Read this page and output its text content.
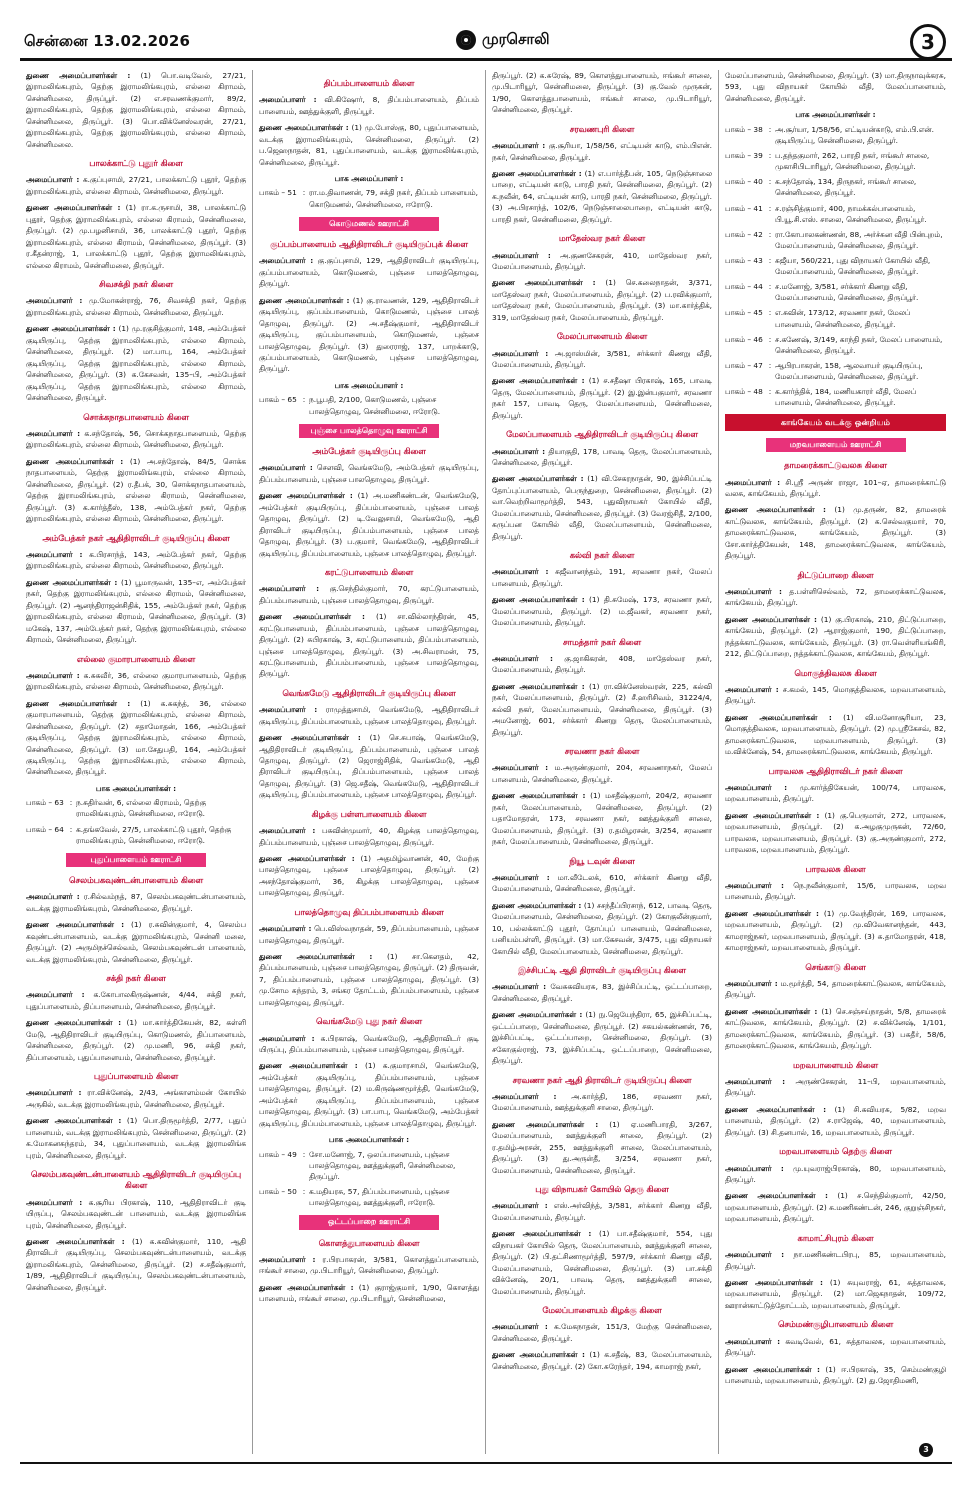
சென்னை 13.02.2026	முரசொலி	3
துணை அமைப்பாளர்கள் : (1) பொ.வடிவேல், 27/21, இராமலிங்கபுரம், தெற்கு இராமலிங்கபுரம், எல்லை கிராமம், சென்னிமலை, திருப்பூர். (2) எ.சரவணக்குமார், 89/2, இராமலிங்கபுரம், தெற்கு இராமலிங்கபுரம், எல்லை கிராமம், சென்னிமலை, திருப்பூர். (3) பொ.விக்னேஸ்வரன், 27/21, இராமலிங்கபுரம், தெற்கு இராமலிங்கபுரம், எல்லை கிராமம், சென்னிமலை.
பாலக்காட்டு புதூர் கிளை
அமைப்பாளர் : க.குப்புசாமி, 27/21, பாலக்காட்டு புதூர், தெற்கு இராமலிங்கபுரம், எல்லை கிராமம், சென்னிமலை, திருப்பூர்.
துணை அமைப்பாளர்கள் : (1) ரா.க.ருசாமி, 38, பாலக்காட்டு புதூர், தெற்கு இராமலிங்கபுரம், எல்லை கிராமம், சென்னிமலை, திருப்பூர். (2) மு.பழனிசாமி, 36, பாலக்காட்டு புதூர், தெற்கு இராமலிங்கபுரம், எல்லை கிராமம், சென்னிமலை, திருப்பூர். (3) ர.கீதன்ராஜ், 1, பாலக்காட்டு புதூர், தெற்கு இராமலிங்கபுரம், எல்லை கிராமம், சென்னிமலை, திருப்பூர்.
சிவசக்தி நகர் கிளை
அமைப்பாளர் : மு.மோகன்ராஜ், 76, சிவசக்தி நகர், தெற்கு இராமலிங்கபுரம், எல்லை கிராமம், சென்னிமலை, திருப்பூர்.
துணை அமைப்பாளர்கள் : (1) மு.ரகுசித்குமார், 148, அம்பேத்கர் குடியிருப்பு, தெற்கு இராமலிங்கபுரம், எல்லை கிராமம், சென்னிமலை, திருப்பூர். (2) மா.பாபு, 164, அம்பேத்கர் குடியிருப்பு, தெற்கு இராமலிங்கபுரம், எல்லை கிராமம், சென்னிமலை, திருப்பூர். (3) க.கேசவன், 135–பி, அம்பேத்கர் குடியிருப்பு, தெற்கு இராமலிங்கபுரம், எல்லை கிராமம், சென்னிமலை, திருப்பூர்.
சொக்கநாதபாளையம் கிளை
அமைப்பாளர் : க.சந்தோஷ், 56, சொக்கநாதபாளையம், தெற்கு இராமலிங்கபுரம், எல்லை கிராமம், சென்னிமலை, திருப்பூர்.
துணை அமைப்பாளர்கள் : (1) அ.சந்தோஷ், 84/5, சொக்க நாதபாளையம், தெற்கு இராமலிங்கபுரம், எல்லை கிராமம், சென்னிமலை, திருப்பூர். (2) ர.தீபக், 30, சொக்கநாதபாளையம், தெற்கு இராமலிங்கபுரம், எல்லை கிராமம், சென்னிமலை, திருப்பூர். (3) க.கார்த்தீஸ், 138, அம்பேத்கர் நகர், தெற்கு இராமலிங்கபுரம், எல்லை கிராமம், சென்னிமலை, திருப்பூர்.
அம்பேத்கர் நகர் ஆதிதிராவிடர் குடியிருப்பு கிளை
அமைப்பாளர் : க.பிரசாந்த், 143, அம்பேத்கர் நகர், தெற்கு இராமலிங்கபுரம், எல்லை கிராமம், சென்னிமலை, திருப்பூர்.
துணை அமைப்பாளர்கள் : (1) பூமாருவன், 135–எ, அம்பேத்கர் நகர், தெற்கு இராமலிங்கபுரம், எல்லை கிராமம், சென்னிமலை, திருப்பூர். (2) ஆனந்திராஜன்சிதிக், 155, அம்பேத்கர் நகர், தெற்கு இராமலிங்கபுரம், எல்லை கிராமம், சென்னிமலை, திருப்பூர். (3) மகேஷ், 137, அம்பேத்கர் நகர், தெற்கு இராமலிங்கபுரம், எல்லை கிராமம், சென்னிமலை, திருப்பூர்.
எல்லை குமாரபாளையம் கிளை
அமைப்பாளர் : க.சுகவீர், 36, எல்லை குமாரபாளையம், தெற்கு இராமலிங்கபுரம், எல்லை கிராமம், சென்னிமலை, திருப்பூர்.
துணை அமைப்பாளர்கள் : (1) க.சுகந்த், 36, எல்லை குமாரபாளையம், தெற்கு இராமலிங்கபுரம், எல்லை கிராமம், சென்னிமலை, திருப்பூர். (2) சதாமோதன், 166, அம்பேத்கர் குடியிருப்பு, தெற்கு இராமலிங்கபுரம், எல்லை கிராமம், சென்னிமலை, திருப்பூர். (3) மா.சேதுபதி, 164, அம்பேத்கர் குடியிருப்பு, தெற்கு இராமலிங்கபுரம், எல்லை கிராமம், சென்னிமலை, திருப்பூர்.
பாக அமைப்பாளர்கள் :
பாகம் – 63 : ந.சுதிர்வன், 6, எல்லை கிராமம், தெற்கு ராமலிங்கபுரம், சென்னிமலை, ஈரோடு.
பாகம் – 64 : க.தங்கவேல், 27/5, பாலக்காட்டு புதூர், தெற்கு ராமலிங்கபுரம், சென்னிமலை, ஈரோடு.
புதுப்பாளையம் ஊராட்சி
செலம்பகவுண்டன்பாளையம் கிளை
அமைப்பாளர் : ர.சில்வம்நத், 87, செலம்பகவுண்டன்பாளையம், வடக்கு இராமலிங்கபுரம், சென்னிமலை, திருப்பூர்.
துணை அமைப்பாளர்கள் : (1) ர.சுவின்குமார், 4, செலம்ப கவுண்டன்பாளையம், வடக்கு இராமலிங்கபுரம், சென்னி மலை, திருப்பூர். (2) அருமிநச்செல்வம், செலம்பகவுண்டன் பாளையம், வடக்கு இராமலிங்கபுரம், சென்னிமலை, திருப்பூர்.
சக்தி நகர் கிளை
அமைப்பாளர் : க.கோபாலகிருஷ்ணன், 4/44, சக்தி நகர், புதுப்பாளையம், திப்பாளையம், சென்னிமலை, திருப்பூர்.
துணை அமைப்பாளர்கள் : (1) மா.கார்த்திகேயன், 82, கள்ளி மேடு, ஆதிதிராவிடர் குடியிருப்பு, கொடுமணல், திப்பாளையம், சென்னிமலை, திருப்பூர். (2) மு.மணி, 96, சக்தி நகர், திப்பாளையம், புதுப்பாளையம், சென்னிமலை, திருப்பூர்.
புதுப்பாளையம் கிளை
அமைப்பாளர் : ரா.விக்னேஷ், 2/43, அங்காளம்மன் கோயில் அருகில், வடக்கு இராமலிங்கபுரம், சென்னிமலை, திருப்பூர்.
துணை அமைப்பாளர்கள் : (1) பொ.திருமூர்த்தி, 2/77, புதுப் பாளையம், வடக்கு இராமலிங்கபுரம், சென்னிமலை, திருப்பூர். (2) க.மோகனசுந்தரம், 34, புதுப்பாளையம், வடக்கு இராமலிங்க புரம், சென்னிமலை, திருப்பூர்.
செலம்பகவுண்டன்பாளையம் ஆதிதிராவிடர் குடியிருப்பு கிளை
அமைப்பாளர் : க.சூரிய பிரகாஷ், 110, ஆதிதிராவிடர் குடி யிருப்பு, செலம்பகவுண்டன் பாளையம், வடக்கு இராமலிங்க புரம், சென்னிமலை, திருப்பூர்.
துணை அமைப்பாளர்கள் : (1) க.கவின்குமார், 110, ஆதி திராவிடர் குடியிருப்பு, செலம்பகவுண்டன்பாளையம், வடக்கு இராமலிங்கபுரம், சென்னிமலை, திருப்பூர். (2) ச.சதீஷ்குமார், 1/89, ஆதிதிராவிடர் குடியிருப்பு, செலம்பகவுண்டன்பாளையம், சென்னிமலை, திருப்பூர்.
திப்பம்பாளையம் கிளை
அமைப்பாளர் : வி.கிஷோர், 8, திப்பம்பாளையம், திப்பம் பாளையம், ஊத்துக்குளி, திருப்பூர்.
துணை அமைப்பாளர்கள் : (1) மு.போஸ்கு, 80, புதுப்பாளையம், வடக்கு இராமலிங்கபுரம், சென்னிமலை, திருப்பூர். (2) ப.ஜெஹநாதன், 81, புதுப்பாளையம், வடக்கு இராமலிங்கபுரம், சென்னிமலை, திருப்பூர்.
பாக அமைப்பாளர் :
பாகம் – 51 : ரா.ம.திவாணன், 79, சக்தி நகர், திப்பம் பாளையம், கொடுமணல், சென்னிமலை, ஈரோடு.
கொடுமணல் ஊராட்சி
குப்பம்பாளையம் ஆதிதிராவிடர் குடியிருப்புக் கிளை
அமைப்பாளர் : கு.குப்புசாமி, 129, ஆதிதிராவிடர் குடியிருப்பு, குப்பம்பாளையம், கொடுமணல், புஞ்சை பாலத்தொழுவு, திருப்பூர்.
துணை அமைப்பாளர்கள் : (1) கு.ராவணன், 129, ஆதிதிராவிடர் குடியிருப்பு, குப்பம்பாளையம், கொடுமணல், புஞ்சை பாலத் தொழுவு, திருப்பூர். (2) அ.சதீஷ்குமார், ஆதிதிராவிடர் குடியிருப்பு, குப்பம்பாளையம், கொடுமணல், புஞ்சை பாலத்தொழுவு, திருப்பூர். (3) துரைராஜ், 137, பாறக்காடு, குப்பம்பாளையம், கொடுமணல், புஞ்சை பாலத்தொழுவு, திருப்பூர்.
பாக அமைப்பாளர் :
பாகம் – 65 : ந.பூபதி, 2/100, கொடுமணல், புஞ்சை பாலத்தொழுவு, சென்னிமலை, ஈரோடு.
புஞ்சை பாலத்தொழுவு ஊராட்சி
அம்பேத்கர் குடியிருப்பு கிளை
அமைப்பாளர் : சௌவி, வெங்கமேடு, அம்பேத்கர் குடியிருப்பு, திப்பம்பாளையம், புஞ்சை பாலதொழுவு, திருப்பூர்.
துணை அமைப்பாளர்கள் : (1) அ.மணிகண்டன், வெங்கமேடு, அம்பேத்கர் குடியிருப்பு, திப்பம்பாளையம், புஞ்சை பாலத் தொழுவு, திருப்பூர். (2) டி.வேலுசாமி, வெங்கமேடு, ஆதி திராவிடர் குடியிருப்பு, திப்பம்பாளையம், புஞ்சை பாலத் தொழுவு, திருப்பூர். (3) ப.குமார், வெங்கமேடு, ஆதிதிராவிடர் குடியிருப்பு, திப்பம்பாளையம், புஞ்சை பாலத்தொழுவு, திருப்பூர்.
கரட்டுபாளையம் கிளை
அமைப்பாளர் : கு.செந்தில்குமார், 70, கரட்டுபாளையம், திப்பம்பாளையம், புஞ்சை பாலத்தொழுவு, திருப்பூர்.
துணை அமைப்பாளர்கள் : (1) சா.வில்லாந்திரன், 45, கரட்டுபாளையம், திப்பம்பாளையம், புஞ்சை பாலத்தொழுவு, திருப்பூர். (2) சுபிரகாஷ், 3, கரட்டுபாளையம், திப்பம்பாளையம், புஞ்சை பாலத்தொழுவு, திருப்பூர். (3) அ.சிவராமன், 75, கரட்டுபாளையம், திப்பம்பாளையம், புஞ்சை பாலத்தொழுவு, திருப்பூர்.
வெங்கமேடு ஆதிதிராவிடர் குடியிருப்பு கிளை
அமைப்பாளர் : ராமுத்துசாமி, வெங்கமேடு, ஆதிதிராவிடர் குடியிருப்பு, திப்பம்பாளையம், புஞ்சை பாலத்தொழுவு, திருப்பூர்.
துணை அமைப்பாளர்கள் : (1) செ.சுபாஷ், வெங்கமேடு, ஆதிதிராவிடர் குடியிருப்பு, திப்பம்பாளையம், புஞ்சை பாலத் தொழுவு, திருப்பூர். (2) ஜெராஜ்சிதிக், வெங்கமேடு, ஆதி திராவிடர் குடியிருப்பு, திப்பம்பாளையம், புஞ்சை பாலத் தொழுவு, திருப்பூர். (3) ஜெ.சதீஷ், வெங்கமேடு, ஆதிதிராவிடர் குடியிருப்பு, திப்பம்பாளையம், புஞ்சை பாலத்தொழுவு, திருப்பூர்.
கிழக்கு பள்ளபாளையம் கிளை
அமைப்பாளர் : பசுவின்முமார், 40, கிழக்கு பாலத்தொழுவு, திப்பம்பாளையம், புஞ்சை பாலத்தொழுவு, திருப்பூர்.
துணை அமைப்பாளர்கள் : (1) அதமிழ்வாணன், 40, மேற்கு பாலத்தொழுவு, புஞ்சை பாலத்தொழுவு, திருப்பூர். (2) அசந்தோஷ்குமார், 36, கிழக்கு பாலத்தொழுவு, புஞ்சை பாலத்தொழுவு, திருப்பூர்.
பாலத்தொழுவு திப்பம்பாளையம் கிளை
அமைப்பாளர் : பெ.விஸ்வநாதன், 59, திப்பம்பாளையம், புஞ்சை பாலத்தொழுவு, திருப்பூர்.
துணை அமைப்பாளர்கள் : (1) சா.கெளதம், 42, திப்பம்பாளையம், புஞ்சை பாலத்தொழுவு, திருப்பூர். (2) திருவன், 7, திப்பம்பாளையம், புஞ்சை பாலத்தொழுவு, திருப்பூர். (3) மு.சோம சுந்தரம், 3, சங்கர தோட்டம், திப்பம்பாளையம், புஞ்சை பாலத்தொழுவு, திருப்பூர்.
வெங்கமேடு புது நகர் கிளை
அமைப்பாளர் : க.பிரகாஷ், வெங்கமேடு, ஆதிதிராவிடர் குடி யிருப்பு, திப்பம்பாளையம், புஞ்சை பாலத்தொழுவு, திருப்பூர்.
துணை அமைப்பாளர்கள் : (1) க.குமாரசாமி, வெங்கமேடு, அம்பேத்கர் குடியிருப்பு, திப்பம்பாளையம், புஞ்சை பாலத்தொழுவு, திருப்பூர். (2) ம.கிருஷ்ணமூர்த்தி, வெங்கமேடு, அம்பேத்கர் குடியிருப்பு, திப்பம்பாளையம், புஞ்சை பாலத்தொழுவு, திருப்பூர். (3) பா.பாபு, வெங்கமேடு, அம்பேத்கர் குடியிருப்பு, திப்பம்பாளையம், புஞ்சை பாலத்தொழுவு, திருப்பூர்.
பாக அமைப்பாளர்கள் :
பாகம் – 49 : சோ.மனோஜ், 7, ஒலப்பாளையம், புஞ்சை பாலத்தொழுவு, ஊத்துக்குளி, சென்னிமலை, திருப்பூர்.
பாகம் – 50 : க.மதியரசு, 57, திப்பம்பாளையம், புஞ்சை பாலத்தொழுவு, ஊத்துக்குளி, ஈரோடு.
ஒட்டப்பாறை ஊராட்சி
கொளத்துபாளையம் கிளை
அமைப்பாளர் : ர.பிரபாகரன், 3/581, கொளத்துப்பாளையம், ஈங்கூர் சாலை, மு.பிடாரியூர், சென்னிமலை, திருப்பூர்.
துணை அமைப்பாளர்கள் : (1) குராஜ்குமார், 1/90, கொளத்து பாளையம், ஈங்கூர் சாலை, மு.பிடாரியூர், சென்னிமலை,
திருப்பூர். (2) க.சுரேஷ், 89, கொளத்துபாளையம், ஈங்கூர் சாலை, மு.பிடாரியூர், சென்னிமலை, திருப்பூர். (3) கு.வேல் முருகன், 1/90, கொளத்துபாளையம், ஈங்கூர் சாலை, மு.பிடாரியூர், சென்னிமலை, திருப்பூர்.
சரவணபுரி கிளை
அமைப்பாளர் : கு.சூரியா, 1/58/56, எட்டியன் காடு, எம்.பிஎன். நகர், சென்னிமலை, திருப்பூர்.
துணை அமைப்பாளர்கள் : (1) எ.பார்த்தீபன், 105, நெடுஞ்சாலை பாறை, எட்டியன் காடு, பாரதி நகர், சென்னிமலை, திருப்பூர். (2) க.நவீன், 64, எட்டியன் காடு, பாரதி நகர், சென்னிமலை, திருப்பூர். (3) அ.பிரசாந்த், 102/6, நெடுஞ்சாலைபாறை, எட்டியன் காடு, பாரதி நகர், சென்னிமலை, திருப்பூர்.
மாதேஸ்வர நகர் கிளை
அமைப்பாளர் : அ.குணசேகரன், 410, மாதேஸ்வர நகர், மேலப்பாளையம், திருப்பூர்.
துணை அமைப்பாளர்கள் : (1) செ.கலைநாதன், 3/371, மாதேஸ்வர நகர், மேலப்பாளையம், திருப்பூர். (2) ப.ரவிக்குமார், மாதேஸ்வர நகர், மேலப்பாளையம், திருப்பூர். (3) மா.கார்த்திக், 319, மாதேஸ்வர நகர், மேலப்பாளையம், திருப்பூர்.
மேலப்பாளையம் கிளை
அமைப்பாளர் : அ.ஜாஸ்மின், 3/581, சர்க்கார் கிணறு வீதி, மேலப்பாளையம், திருப்பூர்.
துணை அமைப்பாளர்கள் : (1) ச.சதீஷா பிரகாஷ், 165, பாவடி தெரு, மேலப்பாளையம், திருப்பூர். (2) இ.இன்பகுமார், சரவணா நகர் 157, பாவடி தெரு, மேலப்பாளையம், சென்னிமலை, திருப்பூர்.
மேலப்பாளையம் ஆதிதிராவிடர் குடியிருப்பு கிளை
அமைப்பாளர் : தியாகுதி, 178, பாவடி தெரு, மேலப்பாளையம், சென்னிமலை, திருப்பூர்.
துணை அமைப்பாளர்கள் : (1) வி.சேகரநாதன், 90, இச்சிப்பட்டி தோப்புப்பாளையம், பெருந்துறை, சென்னிமலை, திருப்பூர். (2) வா.வெற்றிவாமூர்த்தி, 543, புதுவிநாயகர் கோயில் வீதி, மேலப்பாளையம், சென்னிமலை, திருப்பூர். (3) வேரஜ்சிதீ, 2/100, கருப்பன கோயில் வீதி, மேலப்பாளையம், சென்னிமலை, திருப்பூர்.
கல்வி நகர் கிளை
அமைப்பாளர் : சுஜீவானந்தம், 191, சரவணா நகர், மேலப் பாளையம், திருப்பூர்.
துணை அமைப்பாளர்கள் : (1) தி.சுமேஷ், 173, சரவணா நகர், மேலப்பாளையம், திருப்பூர். (2) ம.ஜீவகர், சரவணா நகர், மேலப்பாளையம், திருப்பூர்.
சாமத்தார் நகர் கிளை
அமைப்பாளர் : கு.ஜாகிகரன், 408, மாதேஸ்வர நகர், மேலப்பாளையம், திருப்பூர்.
துணை அமைப்பாளர்கள் : (1) ரா.விக்னேஸ்வரன், 225, கல்வி நகர், மேலப்பாளையம், திருப்பூர். (2) சீ.ஹரிசிவம், 31224/4, கல்வி நகர், மேலப்பாளையம், சென்னிமலை, திருப்பூர். (3) அமனோஜ், 601, சர்க்கார் கிணறு தெரு, மேலப்பாளையம், திருப்பூர்.
சரவணா நகர் கிளை
அமைப்பாளர் : ம.அருண்குமார், 204, சரவணாநகர், மேலப் பாளையம், சென்னிமலை, திருப்பூர்.
துணை அமைப்பாளர்கள் : (1) மசதீஷ்குமார், 204/2, சரவணா நகர், மேலப்பாளையம், சென்னிமலை, திருப்பூர். (2) பதாமோதரன், 173, சரவணா நகர், ஊத்துக்குளி சாலை, மேலப்பாளையம், திருப்பூர். (3) ர.தமிழரசன், 3/254, சரவணா நகர், மேலப்பாளையம், சென்னிமலை, திருப்பூர்.
நியூ டவுன் கிளை
அமைப்பாளர் : மா.வீடேலக், 610, சர்க்கார் கிணறு வீதி, மேலப்பாளையம், சென்னிமலை, திருப்பூர்.
துணை அமைப்பாளர்கள் : (1) சசந்தீப்பிரசாந், 612, பாவடி தெரு, மேலப்பாளையம், சென்னிமலை, திருப்பூர். (2) கோகுலீன்குமார், 10, பல்லக்காட்டு புதூர், தோப்புப் பாளையம், சென்னிமலை, பனியம்பள்ளி, திருப்பூர். (3) மா.கேசவன், 3/475, புது விநாயகர் கோயில் வீதி, மேலப்பாளையம், சென்னிமலை, திருப்பூர்.
இச்சிபட்டி ஆதி திராவிடர் குடியிருப்பு கிளை
அமைப்பாளர் : வேசுகவியரசு, 83, இச்சிப்பட்டி, ஒட்டப்பாறை, சென்னிமலை, திருப்பூர்.
துணை அமைப்பாளர்கள் : (1) நு.ஜெயேந்திரா, 65, இச்சிப்பட்டி, ஒட்டப்பாறை, சென்னிமலை, திருப்பூர். (2) சகயல்கண்ணன், 76, இச்சிப்பட்டி, ஒட்டப்பாறை, சென்னிமலை, திருப்பூர். (3) சகோகுல்ராஜ், 73, இச்சிப்பட்டி, ஒட்டப்பாறை, சென்னிமலை, திருப்பூர்.
சரவணா நகர் ஆதி திராவிடர் குடியிருப்பு கிளை
அமைப்பாளர் : அ.கார்த்தி, 186, சரவணா நகர், மேலப்பாளையம், ஊத்துக்குளி சாலை, திருப்பூர்.
துணை அமைப்பாளர்கள் : (1) ஏ.மணிபாரதி, 3/267, மேலப்பாளையம், ஊத்துக்குளி சாலை, திருப்பூர். (2) ர.தமிழ்அரசன், 255, ஊத்துக்குளி சாலை, மேலப்பாளையம், திருப்பூர். (3) து.அருள்தீ, 3/254, சரவணா நகர், மேலப்பாளையம், சென்னிமலை, திருப்பூர்.
புது விநாயகர் கோயில் தெரு கிளை
அமைப்பாளர் : எஸ்.அர்விந்த், 3/581, சர்க்கார் கிணறு வீதி, மேலப்பாளையம், திருப்பூர்.
துணை அமைப்பாளர்கள் : (1) பா.சதீஷ்குமார், 554, புது விநாயகர் கோயில் தெரு, மேலப்பாளையம், ஊத்துக்குளி சாலை, திருப்பூர். (2) பி.தட்சிணாமூர்த்தி, 597/9, சர்க்கார் கிணறு வீதி, மேலப்பாளையம், சென்னிமலை, திருப்பூர். (3) பா.சக்தி விக்னேஷ், 20/1, பாவடி தெரு, ஊத்துக்குளி சாலை, மேலப்பாளையம், திருப்பூர்.
மேலப்பாளையம் கிழக்கு கிளை
அமைப்பாளர் : க.மேகநாதன், 151/3, மேற்கு சென்னிமலை, சென்னிமலை, திருப்பூர்.
துணை அமைப்பாளர்கள் : (1) க.சதீஷ், 83, மேலப்பாளையம், சென்னிமலை, திருப்பூர். (2) கோ.சுரேந்தர், 194, காமராஜ் நகர்,
மேலப்பாளையம், சென்னிமலை, திருப்பூர். (3) மா.திருநாவுக்கரசு, 593, புது விநாயகர் கோயில் வீதி, மேலப்பாளையம், சென்னிமலை, திருப்பூர்.
பாக அமைப்பாளர்கள் :
பாகம் – 38 : அ.சூர்யா, 1/58/56, எட்டியன்காடு, எம்.பி.என். குடியிருப்பு, சென்னிமலை, திருப்பூர்.
பாகம் – 39 : ப.தந்தகுமார், 262, பாரதி நகர், ஈங்கூர் சாலை, முகாசிபிடாரியூர், சென்னிமலை, திருப்பூர்.
பாகம் – 40 : க.சந்தோஷ், 134, திருநகர், ஈங்கூர் சாலை, சென்னிமலை, திருப்பூர்.
பாகம் – 41 : ச.ரஞ்சித்குமார், 400, நாமக்கல்பாளையம், பி.யூ.சி.எஸ். சாலை, சென்னிமலை, திருப்பூர்.
பாகம் – 42 : ரா.கோபாலகண்ணன், 88, அர்ச்சுன வீதி பின்புறம், மேலப்பாளையம், சென்னிமலை, திருப்பூர்.
பாகம் – 43 : சுஜீயா, 560/221, புது விநாயகர் கோயில் வீதி, மேலப்பாளையம், சென்னிமலை, திருப்பூர்.
பாகம் – 44 : ச.மனோஜ், 3/581, சர்க்கார் கிணறு வீதி, மேலப்பாளையம், சென்னிமலை, திருப்பூர்.
பாகம் – 45 : எ.சுவின், 173/12, சரவணா நகர், மேலப் பாளையம், சென்னிமலை, திருப்பூர்.
பாகம் – 46 : ச.கணேஷ், 3/149, காந்தி நகர், மேலப் பாளையம், சென்னிமலை, திருப்பூர்.
பாகம் – 47 : ஆபிரபாகரன், 158, ஆலவாயர் குடியிருப்பு, மேலப்பாளையம், சென்னிமலை, திருப்பூர்.
பாகம் – 48 : க.கார்த்திக், 184, மணியகாரர் வீதி, மேலப் பாளையம், சென்னிமலை, திருப்பூர்.
காங்கேயம் வடக்கு ஒன்றியம்
மறவபாளையம் ஊராட்சி
தாமரைக்காட்டுவலசு கிளை
அமைப்பாளர் : சி.ஸ்ரீ அருண் ராஜா, 101–ஏ, தாமரைக்காட்டு வலசு, காங்கேயம், திருப்பூர்.
துணை அமைப்பாளர்கள் : (1) மு.தருண், 82, தாமரைக் காட்டுவலசு, காங்கேயம், திருப்பூர். (2) க.செல்வகுமார், 70, தாமரைக்காட்டுவலசு, காங்கேயம், திருப்பூர். (3) சோ.கார்த்திகேயன், 148, தாமரைக்காட்டுவலசு, காங்கேயம், திருப்பூர்.
திட்டுப்பாறை கிளை
அமைப்பாளர் : த.பள்ளிசெல்வம், 72, தாமரைக்காட்டுவலசு, காங்கேயம், திருப்பூர்.
துணை அமைப்பாளர்கள் : (1) கு.பிரகாஷ், 210, திட்டுப்பாறை, காங்கேயம், திருப்பூர். (2) ஆராஜ்குமார், 190, திட்டுப்பாறை, நத்தக்காட்டுவலசு, காங்கேயம், திருப்பூர். (3) ரா.வெள்ளியங்கிரி, 212, திட்டுப்பாறை, நத்தக்காட்டுவலசு, காங்கேயம், திருப்பூர்.
மொகுத்திவலசு கிளை
அமைப்பாளர் : ச.கமல், 145, மொகுத்திவலசு, மறவபாளையம், திருப்பூர்.
துணை அமைப்பாளர்கள் : (1) வி.மனோசூரியா, 23, மொகுத்திவலசு, மறவபாளையம், திருப்பூர். (2) மு.ஸ்ரீகேசவ், 82, தாமரைக்காட்டுவலசு, மறவபாளையம், திருப்பூர். (3) ம.விக்னேஷ், 54, தாமரைக்காட்டுவலசு, காங்கேயம், திருப்பூர்.
பாரவலசு ஆதிதிராவிடர் நகர் கிளை
அமைப்பாளர் : மு.கார்த்திகேயன், 100/74, பாரவலசு, மறவபாளையம், திருப்பூர்.
துணை அமைப்பாளர்கள் : (1) கு.பெருமாள், 272, பாரவலசு, மறவபாளையம், திருப்பூர். (2) க.அழகுமுருகன், 72/60, பாரவலசு, மறவபாளையம், திருப்பூர். (3) கு.அருண்குமார், 272, பாரவலசு, மறவபாளையம், திருப்பூர்.
பாரவலசு கிளை
அமைப்பாளர் : நெ.நவீன்குமார், 15/6, பாரவலசு, மறவ பாளையம், திருப்பூர்.
துணை அமைப்பாளர்கள் : (1) மு.வேந்திரன், 169, பாரவலசு, மறவபாளையம், திருப்பூர். (2) மு.விவேகானந்தன், 443, காமராஜ்நகர், மறவபாளையம், திருப்பூர். (3) சு.தாமோதரன், 418, காமராஜ்நகர், மறவபாளையம், திருப்பூர்.
செங்காடு கிளை
அமைப்பாளர் : ம.மூர்த்தி, 54, தாமரைக்காட்டுவலசு, காங்கேயம், திருப்பூர்.
துணை அமைப்பாளர்கள் : (1) செ.சஞ்சய்நாதன், 5/8, தாமரைக் காட்டுவலசு, காங்கேயம், திருப்பூர். (2) ச.விக்னேஷ், 1/101, தாமரைக்காட்டுவலசு, காங்கேயம், திருப்பூர். (3) பசுதீர், 58/6, தாமரைக்காட்டுவலசு, காங்கேயம், திருப்பூர்.
மறவபாளையம் கிளை
அமைப்பாளர் : அருண்சேகரன், 11–பி, மறவபாளையம், திருப்பூர்.
துணை அமைப்பாளர்கள் : (1) சி.கவியரசு, 5/82, மறவ பாளையம், திருப்பூர். (2) ச.ராஜேஷ், 40, மறவபாளையம், திருப்பூர். (3) சி.தனபால், 16, மறவபாளையம், திருப்பூர்.
மறவபாளையம் தெற்கு கிளை
அமைப்பாளர் : மு.யுவராஜ்பிரகாஷ், 80, மறவபாளையம், திருப்பூர்.
துணை அமைப்பாளர்கள் : (1) ச.செந்தில்குமார், 42/50, மறவபாளையம், திருப்பூர். (2) சு.மணிகண்டன், 246, குறுஞ்சிநகர், மறவபாளையம், திருப்பூர்.
காமாட்சிபுரம் கிளை
அமைப்பாளர் : நா.மணிகண்டபிரபு, 85, மறவபாளையம், திருப்பூர்.
துணை அமைப்பாளர்கள் : (1) சுயுவராஜ், 61, சுத்தாவலசு, மறவபாளையம், திருப்பூர். (2) மா.ஜெகநாதன், 109/72, ஊரான்காட்டுத்தோட்டம், மறவபாளையம், திருப்பூர்.
செம்மண்குழிபாளையம் கிளை
அமைப்பாளர் : கவடிவேல், 61, சுத்தாவலசு, மறவபாளையம், திருப்பூர்.
துணை அமைப்பாளர்கள் : (1) ஈ.பிரகாஷ், 35, செம்மண்குழி பாளையம், மறவபாளையம், திருப்பூர். (2) து.ஜோதிமணி,
3
